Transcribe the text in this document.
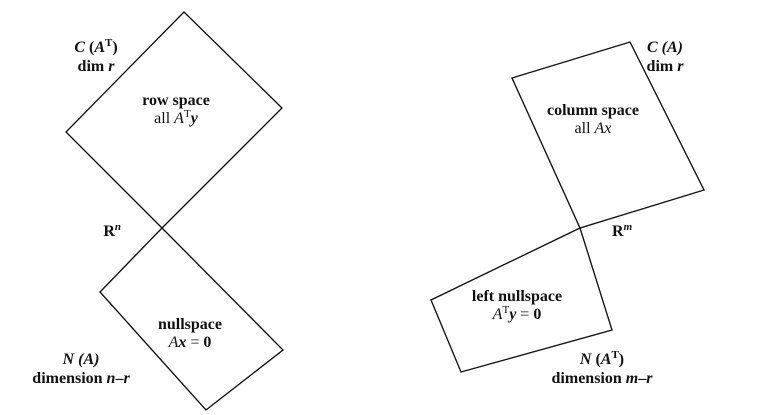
C $(A^T)$
dim r
row space
all $A^Ty$
$R^n$
nullspace
Ax = 0
N (A)
dimension n–r
C (A)
dim r
column space
all Ax
$R^m$
left nullspace
$A^Ty = 0$
N $(A^T)$
dimension m–r
